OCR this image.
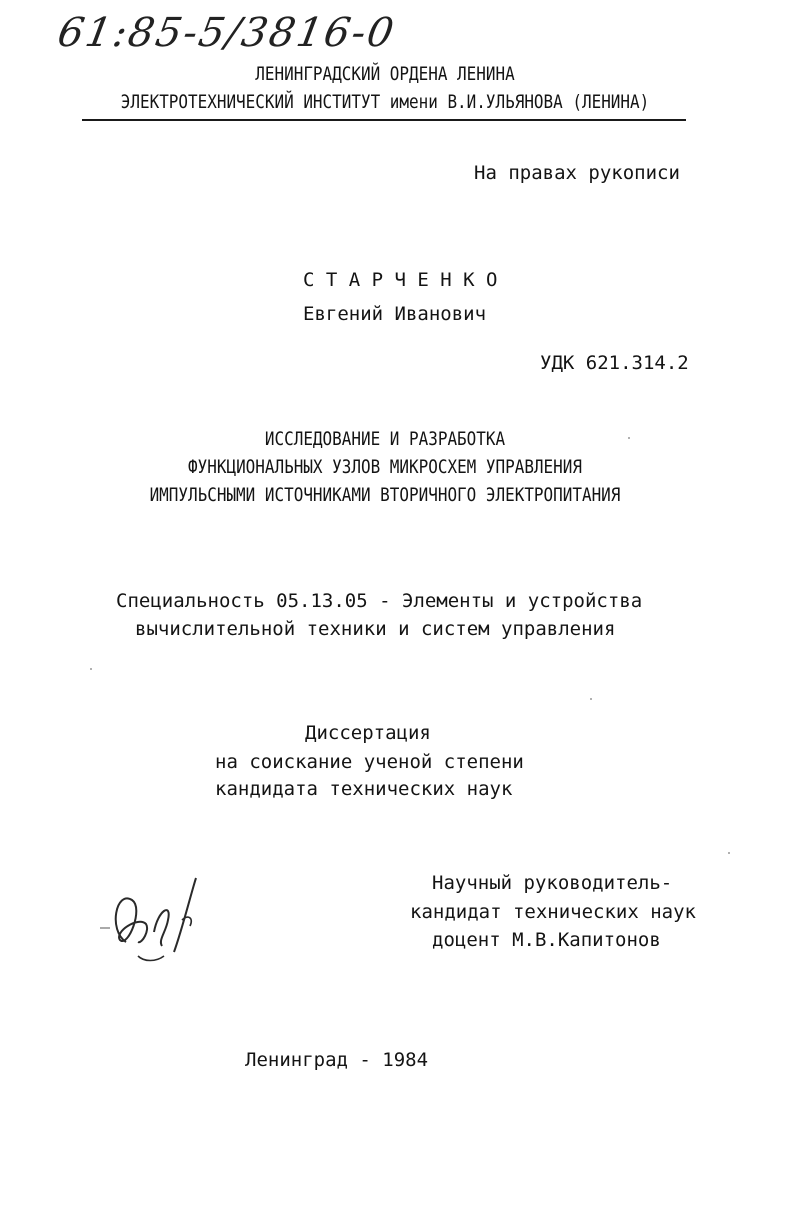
61:85-5/3816-0
ЛЕНИНГРАДСКИЙ ОРДЕНА ЛЕНИНА
ЭЛЕКТРОТЕХНИЧЕСКИЙ ИНСТИТУТ имени В.И.УЛЬЯНОВА (ЛЕНИНА)
На правах рукописи
С Т А Р Ч Е Н К О
Евгений Иванович
УДК 621.314.2
ИССЛЕДОВАНИЕ И РАЗРАБОТКА
ФУНКЦИОНАЛЬНЫХ УЗЛОВ МИКРОСХЕМ УПРАВЛЕНИЯ
ИМПУЛЬСНЫМИ ИСТОЧНИКАМИ ВТОРИЧНОГО ЭЛЕКТРОПИТАНИЯ
Специальность 05.13.05 - Элементы и устройства
вычислительной техники и систем управления
Диссертация
на соискание ученой степени
кандидата технических наук
Научный руководитель-
кандидат технических наук
доцент М.В.Капитонов
Ленинград - 1984
